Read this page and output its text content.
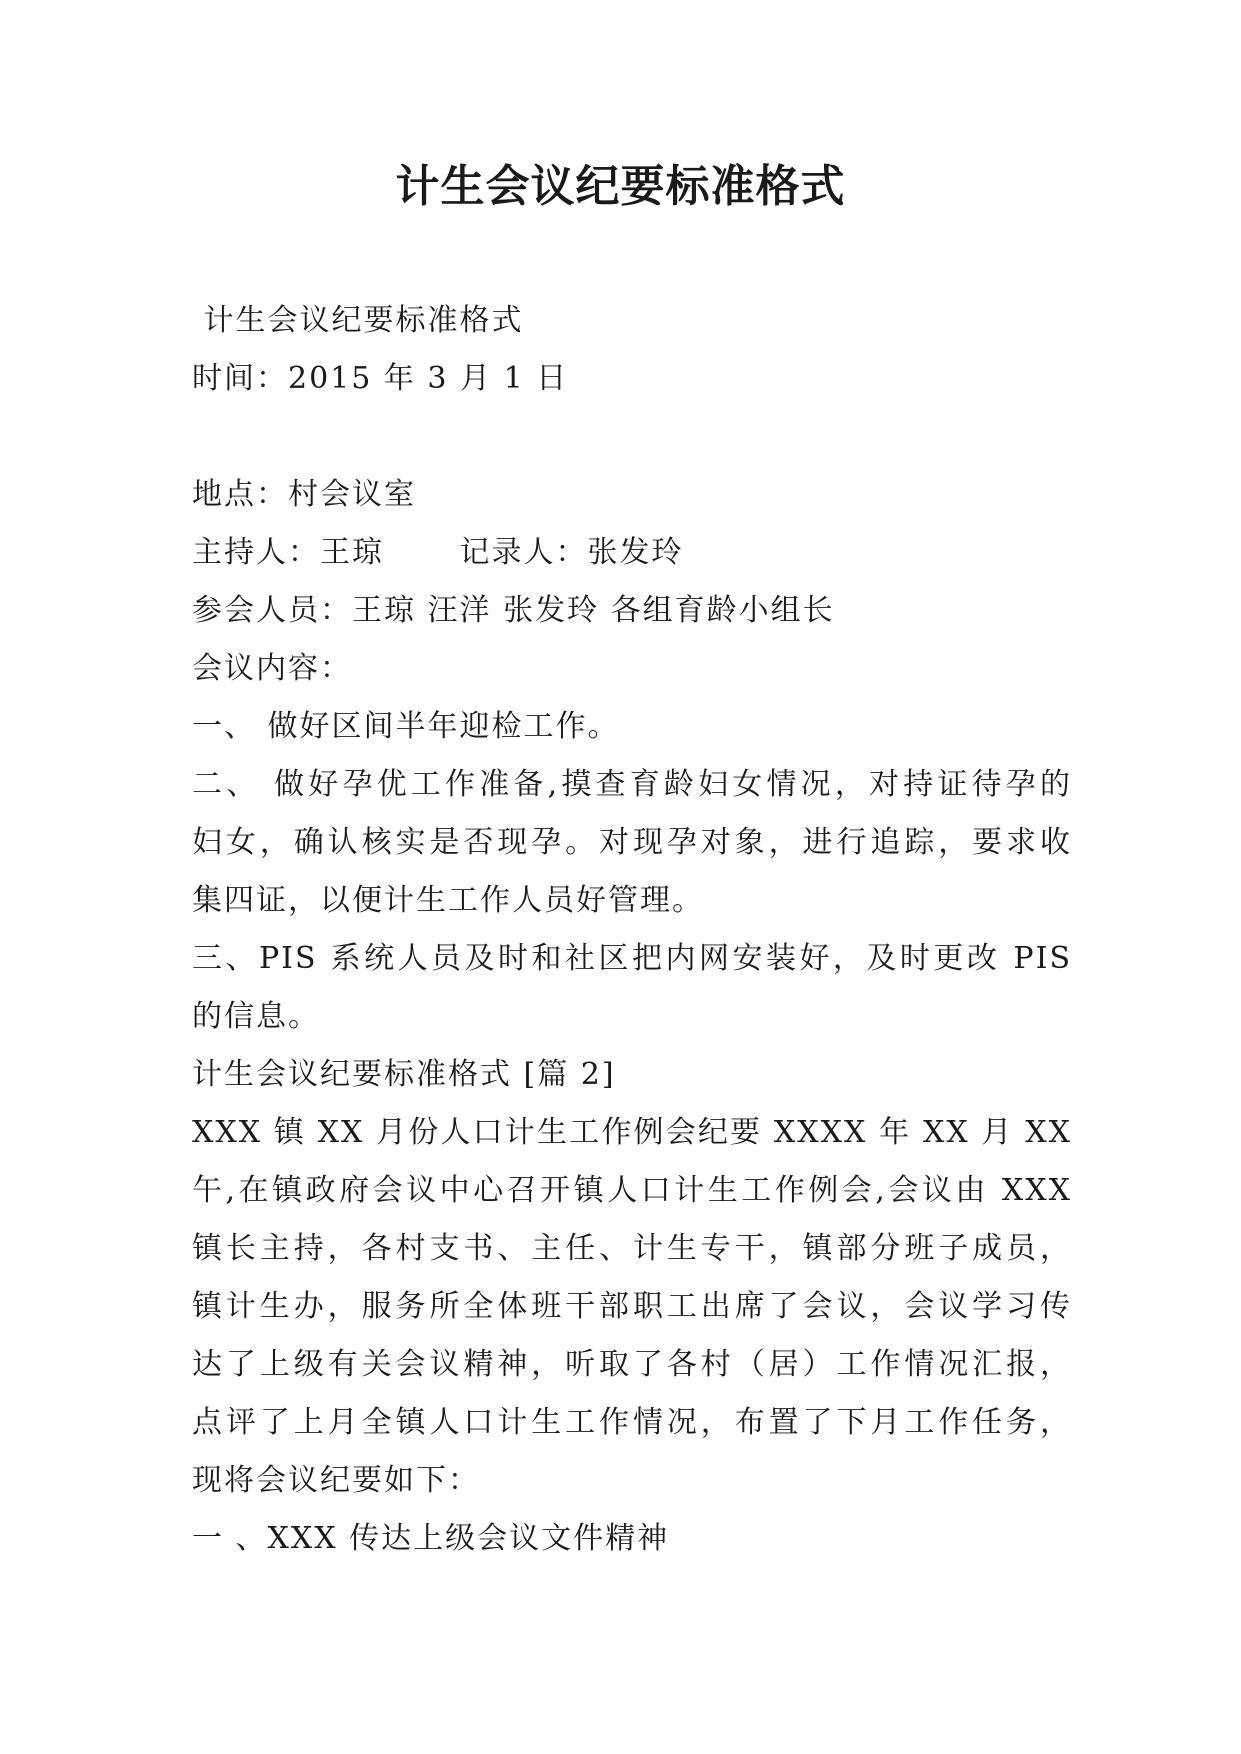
计生会议纪要标准格式
计生会议纪要标准格式
时间：2015 年 3 月 1 日
地点：村会议室
主持人：王琼　　 记录人：张发玲
参会人员：王琼 汪洋 张发玲 各组育龄小组长
会议内容：
一、 做好区间半年迎检工作。
二、 做好孕优工作准备,摸查育龄妇女情况，对持证待孕的
妇女，确认核实是否现孕。对现孕对象，进行追踪，要求收
集四证，以便计生工作人员好管理。
三、PIS 系统人员及时和社区把内网安装好，及时更改 PIS
的信息。
计生会议纪要标准格式 [篇 2]
XXX 镇 XX 月份人口计生工作例会纪要 XXXX 年 XX 月 XX
午,在镇政府会议中心召开镇人口计生工作例会,会议由 XXX
镇长主持，各村支书、主任、计生专干，镇部分班子成员，
镇计生办，服务所全体班干部职工出席了会议，会议学习传
达了上级有关会议精神，听取了各村（居）工作情况汇报，
点评了上月全镇人口计生工作情况，布置了下月工作任务，
现将会议纪要如下：
一 、XXX 传达上级会议文件精神
